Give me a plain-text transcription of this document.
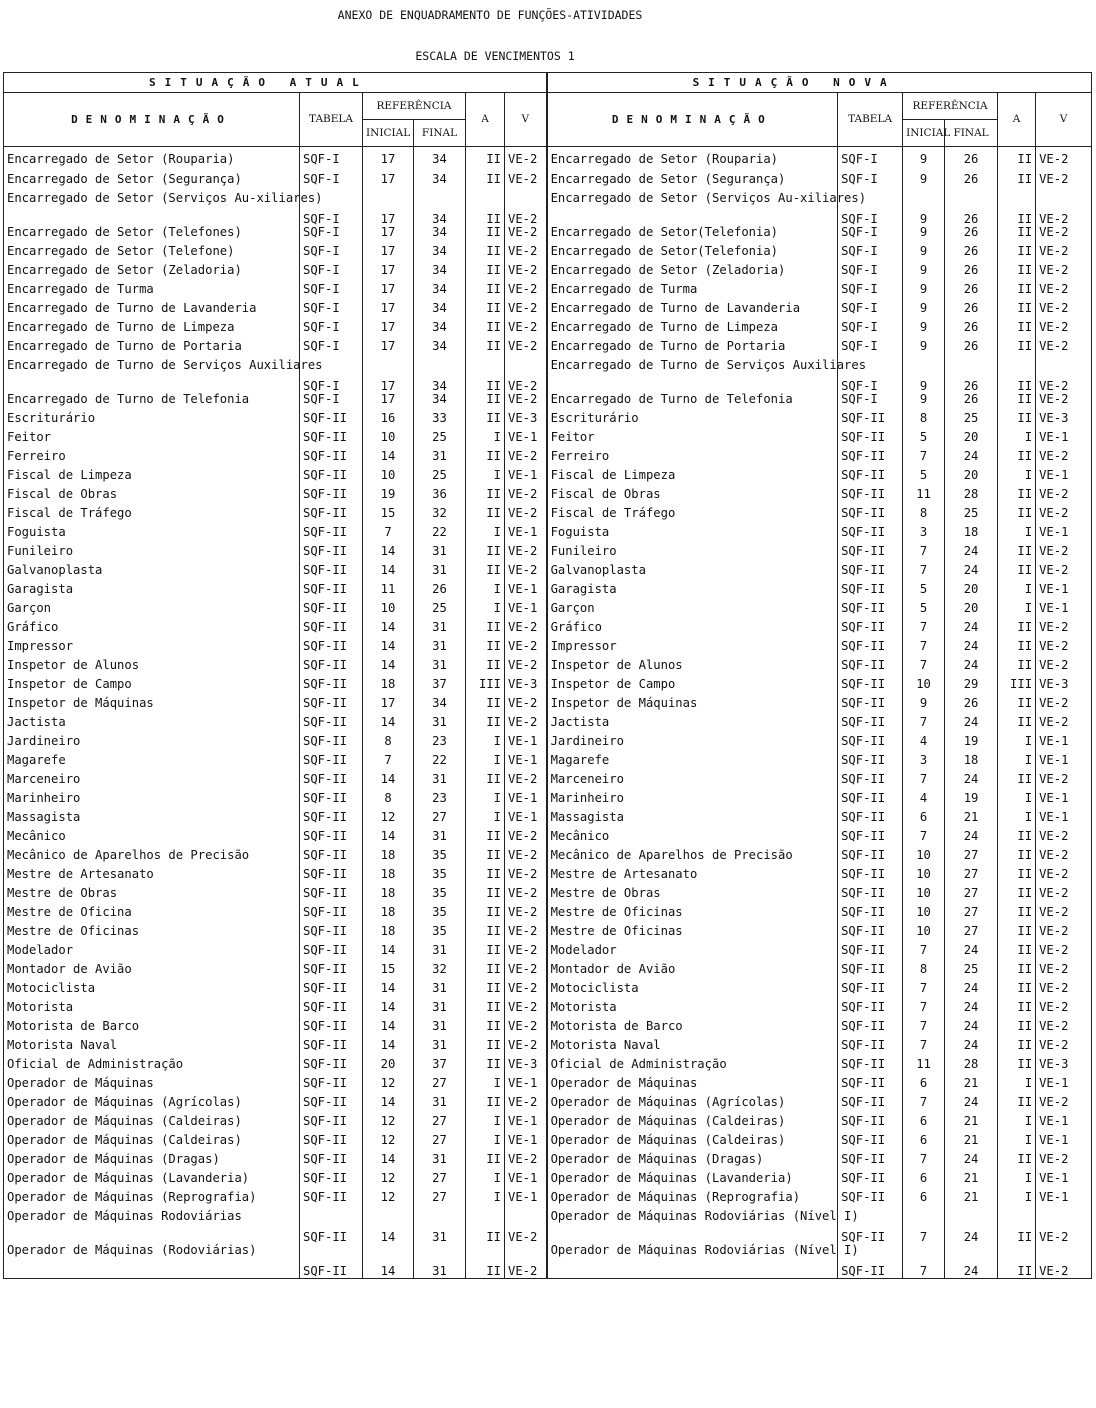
ANEXO DE ENQUADRAMENTO DE FUNÇÕES-ATIVIDADES
ESCALA DE VENCIMENTOS 1
SITUAÇÃO ATUAL						SITUAÇÃO NOVA					
DENOMINAÇÃO	TABELA	REFERÊNCIA		A	V	DENOMINAÇÃO	TABELA	REFERÊNCIA		A	V
		INICIAL	FINAL					INICIAL	FINAL		
Encarregado de Setor (Rouparia)	SQF-I	17	34	II	VE-2	Encarregado de Setor (Rouparia)	SQF-I	9	26	II	VE-2
Encarregado de Setor (Segurança)	SQF-I	17	34	II	VE-2	Encarregado de Setor (Segurança)	SQF-I	9	26	II	VE-2
Encarregado de Setor (Serviços Au-xiliares)	SQF-I	17	34	II	VE-2	Encarregado de Setor (Serviços Au-xiliares)	SQF-I	9	26	II	VE-2
Encarregado de Setor (Telefones)	SQF-I	17	34	II	VE-2	Encarregado de Setor(Telefonia)	SQF-I	9	26	II	VE-2
Encarregado de Setor (Telefone)	SQF-I	17	34	II	VE-2	Encarregado de Setor(Telefonia)	SQF-I	9	26	II	VE-2
Encarregado de Setor (Zeladoria)	SQF-I	17	34	II	VE-2	Encarregado de Setor (Zeladoria)	SQF-I	9	26	II	VE-2
Encarregado de Turma	SQF-I	17	34	II	VE-2	Encarregado de Turma	SQF-I	9	26	II	VE-2
Encarregado de Turno de Lavanderia	SQF-I	17	34	II	VE-2	Encarregado de Turno de Lavanderia	SQF-I	9	26	II	VE-2
Encarregado de Turno de Limpeza	SQF-I	17	34	II	VE-2	Encarregado de Turno de Limpeza	SQF-I	9	26	II	VE-2
Encarregado de Turno de Portaria	SQF-I	17	34	II	VE-2	Encarregado de Turno de Portaria	SQF-I	9	26	II	VE-2
Encarregado de Turno de Serviços Auxiliares	SQF-I	17	34	II	VE-2	Encarregado de Turno de Serviços Auxiliares	SQF-I	9	26	II	VE-2
Encarregado de Turno de Telefonia	SQF-I	17	34	II	VE-2	Encarregado de Turno de Telefonia	SQF-I	9	26	II	VE-2
Escriturário	SQF-II	16	33	II	VE-3	Escriturário	SQF-II	8	25	II	VE-3
Feitor	SQF-II	10	25	I	VE-1	Feitor	SQF-II	5	20	I	VE-1
Ferreiro	SQF-II	14	31	II	VE-2	Ferreiro	SQF-II	7	24	II	VE-2
Fiscal de Limpeza	SQF-II	10	25	I	VE-1	Fiscal de Limpeza	SQF-II	5	20	I	VE-1
Fiscal de Obras	SQF-II	19	36	II	VE-2	Fiscal de Obras	SQF-II	11	28	II	VE-2
Fiscal de Tráfego	SQF-II	15	32	II	VE-2	Fiscal de Tráfego	SQF-II	8	25	II	VE-2
Foguista	SQF-II	7	22	I	VE-1	Foguista	SQF-II	3	18	I	VE-1
Funileiro	SQF-II	14	31	II	VE-2	Funileiro	SQF-II	7	24	II	VE-2
Galvanoplasta	SQF-II	14	31	II	VE-2	Galvanoplasta	SQF-II	7	24	II	VE-2
Garagista	SQF-II	11	26	I	VE-1	Garagista	SQF-II	5	20	I	VE-1
Garçon	SQF-II	10	25	I	VE-1	Garçon	SQF-II	5	20	I	VE-1
Gráfico	SQF-II	14	31	II	VE-2	Gráfico	SQF-II	7	24	II	VE-2
Impressor	SQF-II	14	31	II	VE-2	Impressor	SQF-II	7	24	II	VE-2
Inspetor de Alunos	SQF-II	14	31	II	VE-2	Inspetor de Alunos	SQF-II	7	24	II	VE-2
Inspetor de Campo	SQF-II	18	37	III	VE-3	Inspetor de Campo	SQF-II	10	29	III	VE-3
Inspetor de Máquinas	SQF-II	17	34	II	VE-2	Inspetor de Máquinas	SQF-II	9	26	II	VE-2
Jactista	SQF-II	14	31	II	VE-2	Jactista	SQF-II	7	24	II	VE-2
Jardineiro	SQF-II	8	23	I	VE-1	Jardineiro	SQF-II	4	19	I	VE-1
Magarefe	SQF-II	7	22	I	VE-1	Magarefe	SQF-II	3	18	I	VE-1
Marceneiro	SQF-II	14	31	II	VE-2	Marceneiro	SQF-II	7	24	II	VE-2
Marinheiro	SQF-II	8	23	I	VE-1	Marinheiro	SQF-II	4	19	I	VE-1
Massagista	SQF-II	12	27	I	VE-1	Massagista	SQF-II	6	21	I	VE-1
Mecânico	SQF-II	14	31	II	VE-2	Mecânico	SQF-II	7	24	II	VE-2
Mecânico de Aparelhos de Precisão	SQF-II	18	35	II	VE-2	Mecânico de Aparelhos de Precisão	SQF-II	10	27	II	VE-2
Mestre de Artesanato	SQF-II	18	35	II	VE-2	Mestre de Artesanato	SQF-II	10	27	II	VE-2
Mestre de Obras	SQF-II	18	35	II	VE-2	Mestre de Obras	SQF-II	10	27	II	VE-2
Mestre de Oficina	SQF-II	18	35	II	VE-2	Mestre de Oficinas	SQF-II	10	27	II	VE-2
Mestre de Oficinas	SQF-II	18	35	II	VE-2	Mestre de Oficinas	SQF-II	10	27	II	VE-2
Modelador	SQF-II	14	31	II	VE-2	Modelador	SQF-II	7	24	II	VE-2
Montador de Avião	SQF-II	15	32	II	VE-2	Montador de Avião	SQF-II	8	25	II	VE-2
Motociclista	SQF-II	14	31	II	VE-2	Motociclista	SQF-II	7	24	II	VE-2
Motorista	SQF-II	14	31	II	VE-2	Motorista	SQF-II	7	24	II	VE-2
Motorista de Barco	SQF-II	14	31	II	VE-2	Motorista de Barco	SQF-II	7	24	II	VE-2
Motorista Naval	SQF-II	14	31	II	VE-2	Motorista Naval	SQF-II	7	24	II	VE-2
Oficial de Administração	SQF-II	20	37	II	VE-3	Oficial de Administração	SQF-II	11	28	II	VE-3
Operador de Máquinas	SQF-II	12	27	I	VE-1	Operador de Máquinas	SQF-II	6	21	I	VE-1
Operador de Máquinas (Agrícolas)	SQF-II	14	31	II	VE-2	Operador de Máquinas (Agrícolas)	SQF-II	7	24	II	VE-2
Operador de Máquinas (Caldeiras)	SQF-II	12	27	I	VE-1	Operador de Máquinas (Caldeiras)	SQF-II	6	21	I	VE-1
Operador de Máquinas (Caldeiras)	SQF-II	12	27	I	VE-1	Operador de Máquinas (Caldeiras)	SQF-II	6	21	I	VE-1
Operador de Máquinas (Dragas)	SQF-II	14	31	II	VE-2	Operador de Máquinas (Dragas)	SQF-II	7	24	II	VE-2
Operador de Máquinas (Lavanderia)	SQF-II	12	27	I	VE-1	Operador de Máquinas (Lavanderia)	SQF-II	6	21	I	VE-1
Operador de Máquinas (Reprografia)	SQF-II	12	27	I	VE-1	Operador de Máquinas (Reprografia)	SQF-II	6	21	I	VE-1
Operador de Máquinas Rodoviárias	SQF-II	14	31	II	VE-2	Operador de Máquinas Rodoviárias (Nível I)	SQF-II	7	24	II	VE-2
Operador de Máquinas (Rodoviárias)	SQF-II	14	31	II	VE-2	Operador de Máquinas Rodoviárias (Nível I)	SQF-II	7	24	II	VE-2
